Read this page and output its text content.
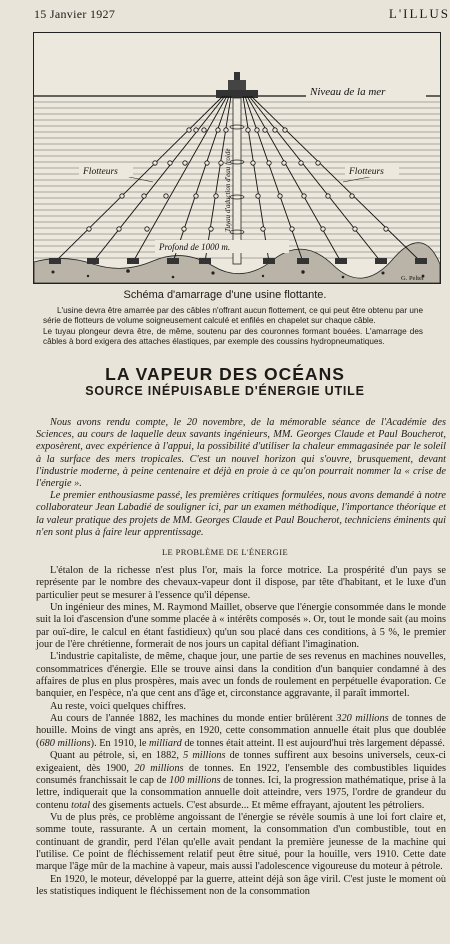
15 Janvier 1927	L'ILLUS
Niveau de la mer
Flotteurs	Flotteurs
Tuyau d'aduction d'eau froide
Profond de 1000 m.
G. Pelter
Schéma d'amarrage d'une usine flottante.
L'usine devra être amarrée par des câbles n'offrant aucun flottement, ce qui peut être obtenu par une série de flotteurs de volume soigneusement calculé et enfilés en chapelet sur chaque câble.
Le tuyau plongeur devra être, de même, soutenu par des couronnes formant bouées. L'amarrage des câbles à bord exigera des attaches élastiques, par exemple des coussins hydropneumatiques.
LA VAPEUR DES OCÉANS
SOURCE INÉPUISABLE D'ÉNERGIE UTILE

Nous avons rendu compte, le 20 novembre, de la mémorable séance de l'Académie des Sciences, au cours de laquelle deux savants ingénieurs, MM. Georges Claude et Paul Boucherot, exposèrent, avec expérience à l'appui, la possibilité d'utiliser la chaleur emmagasinée par le soleil à la surface des mers tropicales. C'est un nouvel horizon qui s'ouvre, brusquement, devant l'industrie moderne, à peine centenaire et déjà en proie à ce qu'on pourrait nommer la « crise de l'énergie ».

Le premier enthousiasme passé, les premières critiques formulées, nous avons demandé à notre collaborateur Jean Labadié de souligner ici, par un examen méthodique, l'importance théorique et la valeur pratique des projets de MM. Georges Claude et Paul Boucherot, techniciens éminents qui n'en sont plus à faire leur apprentissage.

LE PROBLÈME DE L'ÉNERGIE

L'étalon de la richesse n'est plus l'or, mais la force motrice. La prospérité d'un pays se représente par le nombre des chevaux-vapeur dont il dispose, par tête d'habitant, et le luxe d'un particulier peut se mesurer à l'essence qu'il dépense.

Un ingénieur des mines, M. Raymond Maillet, observe que l'énergie consommée dans le monde suit la loi d'ascension d'une somme placée à « intérêts composés ». Or, tout le monde sait (au moins par ouï-dire, le calcul en étant fastidieux) qu'un sou placé dans ces conditions, à 5 %, le premier jour de l'ère chrétienne, formerait de nos jours un capital défiant l'imagination.

L'industrie capitaliste, de même, chaque jour, une partie de ses revenus en machines nouvelles, consommatrices d'énergie. Elle se trouve ainsi dans la condition d'un banquier condamné à des affaires de plus en plus prospères, mais avec un fonds de roulement en perpétuelle évaporation. Ce banquier, en l'espèce, n'a que cent ans d'âge et, circonstance aggravante, il paraît immortel.

Au reste, voici quelques chiffres.

Au cours de l'année 1882, les machines du monde entier brûlèrent 320 millions de tonnes de houille. Moins de vingt ans après, en 1920, cette consommation annuelle était plus que doublée (680 millions). En 1910, le milliard de tonnes était atteint. Il est aujourd'hui très largement dépassé.

Quant au pétrole, si, en 1882, 5 millions de tonnes suffirent aux besoins universels, ceux-ci exigeaient, dès 1900, 20 millions de tonnes. En 1922, l'ensemble des combustibles liquides consumés franchissait le cap de 100 millions de tonnes. Ici, la progression mathématique, prise à la lettre, indiquerait que la consommation annuelle doit atteindre, vers 1975, l'ordre de grandeur du contenu total des gisements actuels. C'est absurde... Et même effrayant, ajoutent les pétroliers.

Vu de plus près, ce problème angoissant de l'énergie se révèle soumis à une loi fort claire et, somme toute, rassurante. A un certain moment, la consommation d'un combustible, tout en continuant de grandir, perd l'élan qu'elle avait pendant la première jeunesse de la machine qui l'utilise. Ce point de fléchissement relatif peut être situé, pour la houille, vers 1910. Cette date marque l'âge mûr de la machine à vapeur, mais aussi l'adolescence vigoureuse du moteur à pétrole.

En 1920, le moteur, développé par la guerre, atteint déjà son âge viril. C'est juste le moment où les statistiques indiquent le fléchissement non de la consommation
